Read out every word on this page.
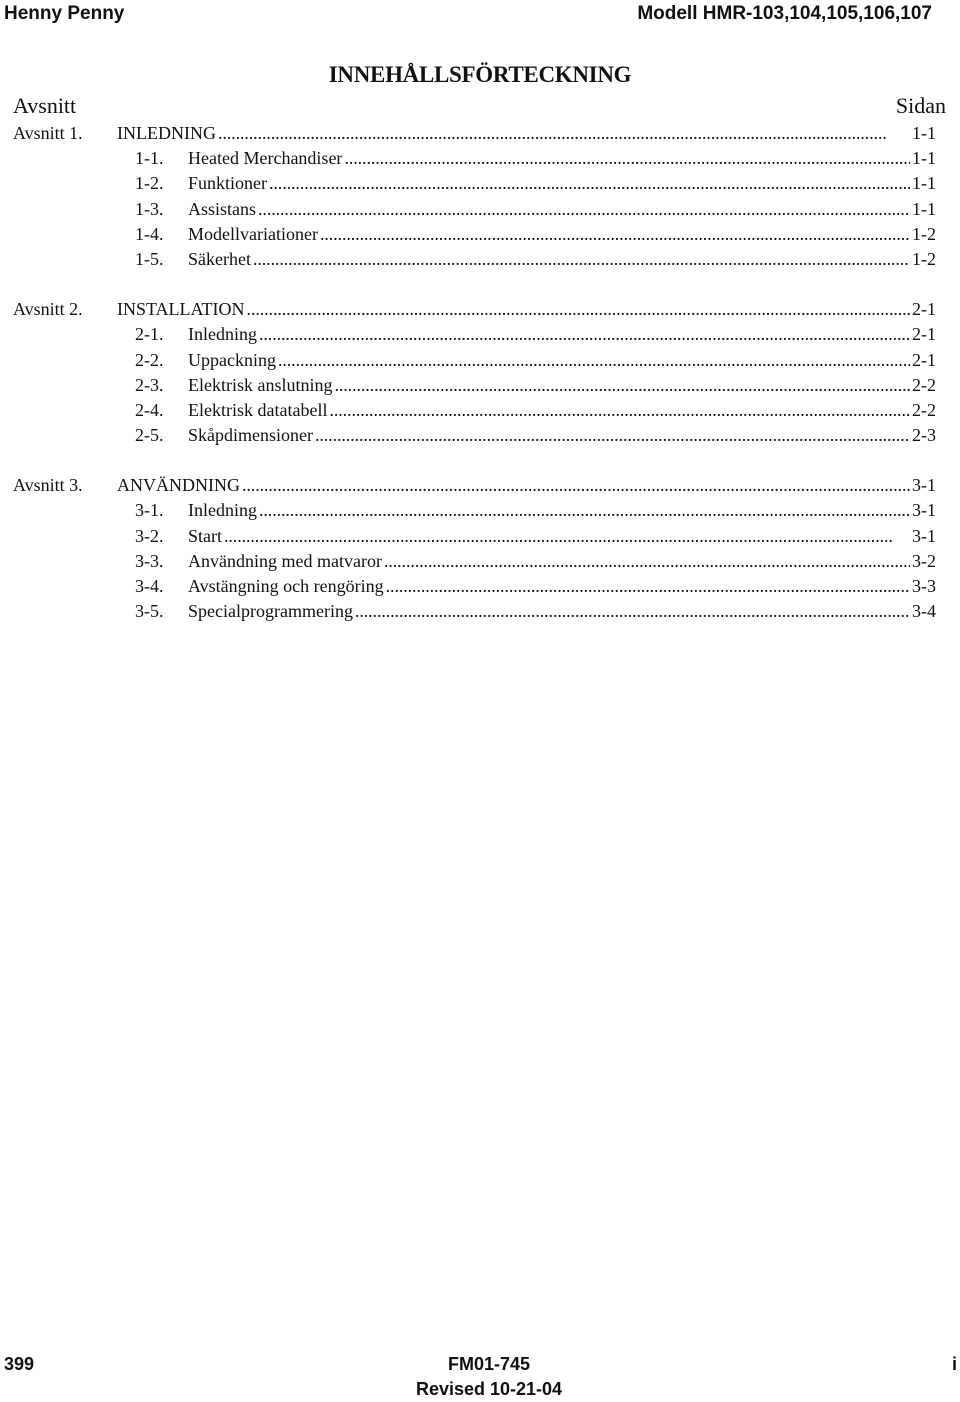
Henny Penny	Modell HMR-103,104,105,106,107
INNEHÅLLSFÖRTECKNING
Avsnitt	Sidan
Avsnitt 1. INLEDNING . . .	1-1
1-1. Heated Merchandiser . . .	1-1
1-2. Funktioner . . .	1-1
1-3. Assistans . . .	1-1
1-4. Modellvariationer . . .	1-2
1-5. Säkerhet . . .	1-2
Avsnitt 2. INSTALLATION . . .	2-1
2-1. Inledning . . .	2-1
2-2. Uppackning . . .	2-1
2-3. Elektrisk anslutning . . .	2-2
2-4. Elektrisk datatabell . . .	2-2
2-5. Skåpdimensioner . . .	2-3
Avsnitt 3. ANVÄNDNING . . .	3-1
3-1. Inledning . . .	3-1
3-2. Start . . .	3-1
3-3. Användning med matvaror . . .	3-2
3-4. Avstängning och rengöring . . .	3-3
3-5. Specialprogrammering . . .	3-4
399	FM01-745
Revised 10-21-04
i
